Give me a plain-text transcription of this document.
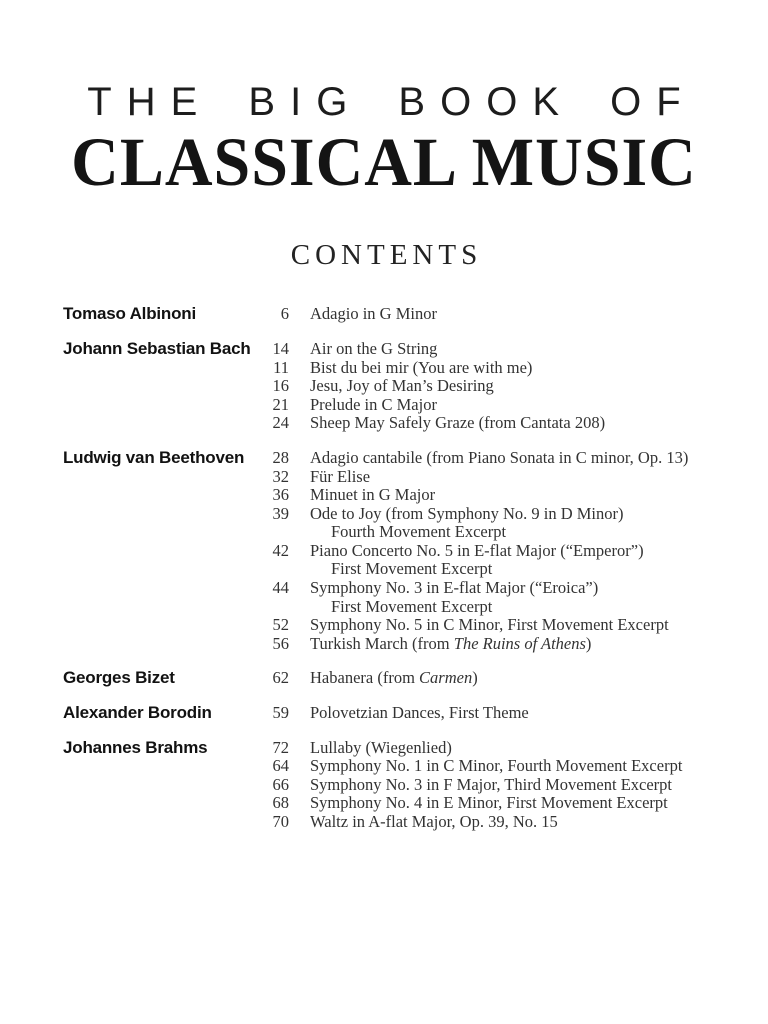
THE BIG BOOK OF
CLASSICAL MUSIC
CONTENTS
Tomaso Albinoni	6	Adagio in G Minor
Johann Sebastian Bach	14	Air on the G String
11	Bist du bei mir (You are with me)
16	Jesu, Joy of Man’s Desiring
21	Prelude in C Major
24	Sheep May Safely Graze (from Cantata 208)
Ludwig van Beethoven	28	Adagio cantabile (from Piano Sonata in C minor, Op. 13)
32	Für Elise
36	Minuet in G Major
39	Ode to Joy (from Symphony No. 9 in D Minor)
Fourth Movement Excerpt
42	Piano Concerto No. 5 in E-flat Major (“Emperor”)
First Movement Excerpt
44	Symphony No. 3 in E-flat Major (“Eroica”)
First Movement Excerpt
52	Symphony No. 5 in C Minor, First Movement Excerpt
56	Turkish March (from The Ruins of Athens)
Georges Bizet	62	Habanera (from Carmen)
Alexander Borodin	59	Polovetzian Dances, First Theme
Johannes Brahms	72	Lullaby (Wiegenlied)
64	Symphony No. 1 in C Minor, Fourth Movement Excerpt
66	Symphony No. 3 in F Major, Third Movement Excerpt
68	Symphony No. 4 in E Minor, First Movement Excerpt
70	Waltz in A-flat Major, Op. 39, No. 15
